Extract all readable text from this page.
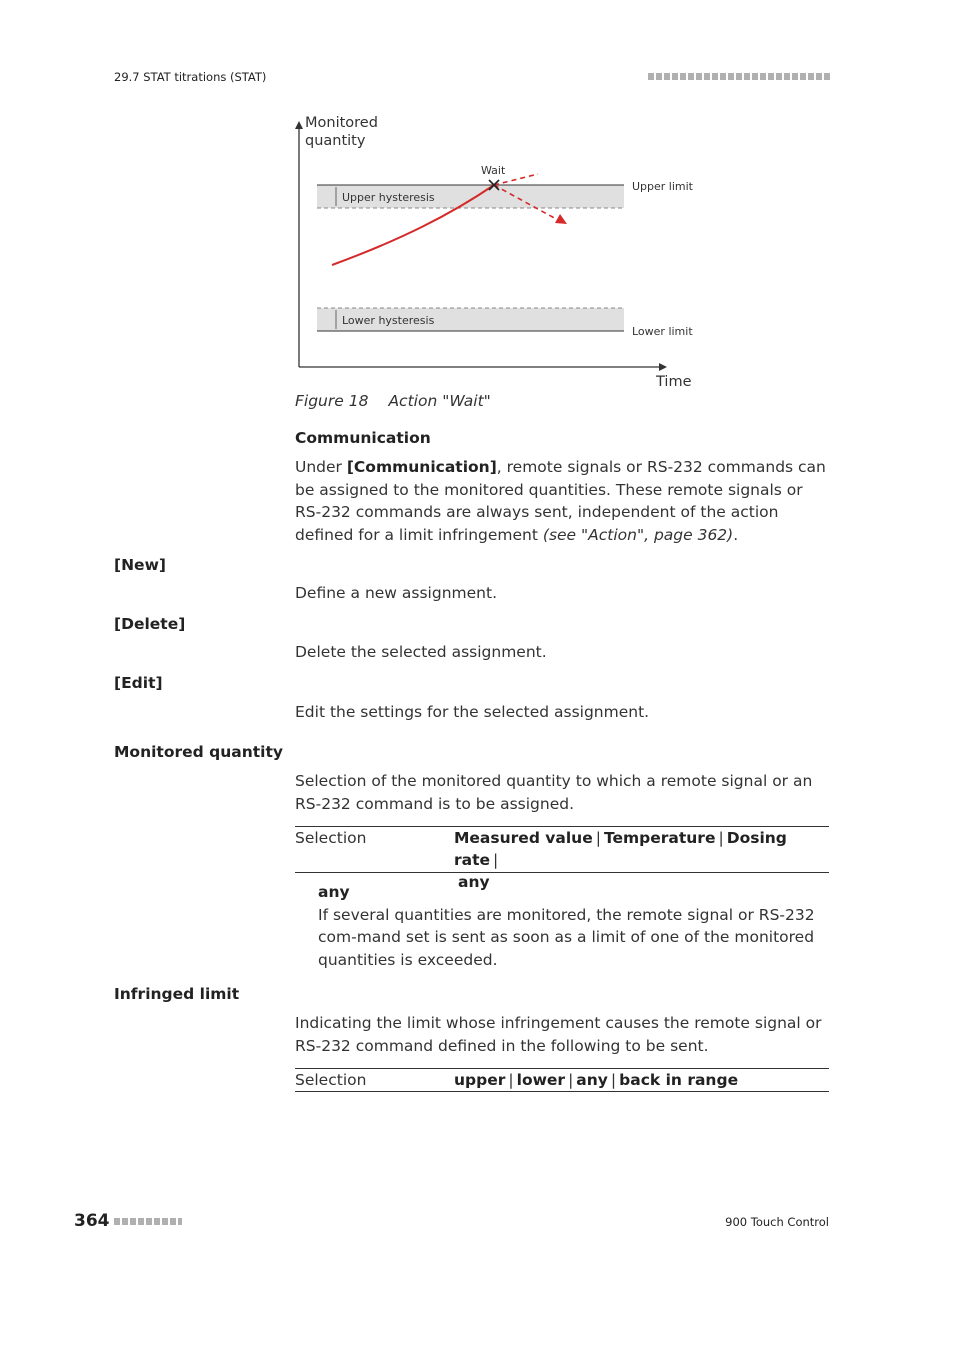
29.7 STAT titrations (STAT)
Monitored
quantity
Time
Upper hysteresis
Upper limit
Lower hysteresis
Lower limit
Wait
Figure 18 Action "Wait"
Communication
Under [Communication], remote signals or RS-232 commands can be assigned to the monitored quantities. These remote signals or RS-232 commands are always sent, independent of the action defined for a limit infringement (see "Action", page 362).
[New]
Define a new assignment.
[Delete]
Delete the selected assignment.
[Edit]
Edit the settings for the selected assignment.
Monitored quantity
Selection of the monitored quantity to which a remote signal or an RS-232 command is to be assigned.
Selection	Measured value | Temperature | Dosing rate |
any
any
If several quantities are monitored, the remote signal or RS-232 com-mand set is sent as soon as a limit of one of the monitored quantities is exceeded.
Infringed limit
Indicating the limit whose infringement causes the remote signal or RS-232 command defined in the following to be sent.
Selection	upper | lower | any | back in range
364	900 Touch Control
